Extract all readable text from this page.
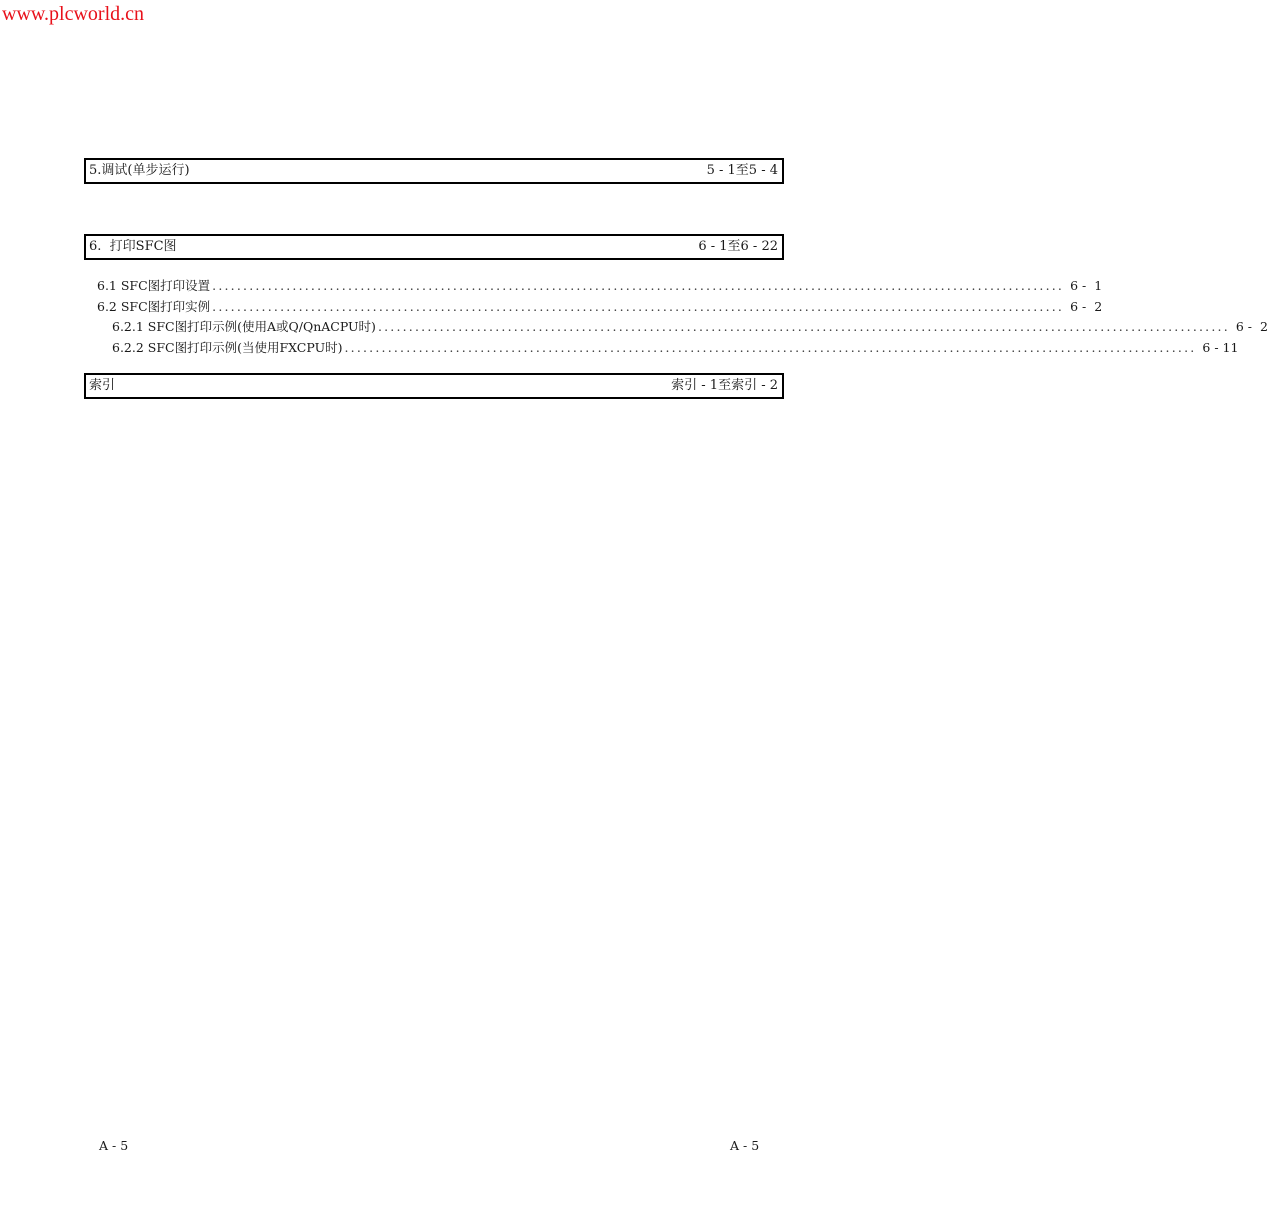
www.plcworld.cn
5.调试(单步运行)	5 - 1至5 - 4
6.  打印SFC图	6 - 1至6 - 22
6.1 SFC图打印设置 .......................................................................................................................................... 6 -  1
6.2 SFC图打印实例 .......................................................................................................................................... 6 -  2
6.2.1 SFC图打印示例(使用A或Q/QnACPU时) .......................................................................................................................................... 6 -  2
6.2.2 SFC图打印示例(当使用FXCPU时) .......................................................................................................................................... 6 - 11
索引	索引 - 1至索引 - 2
A - 5	A - 5
